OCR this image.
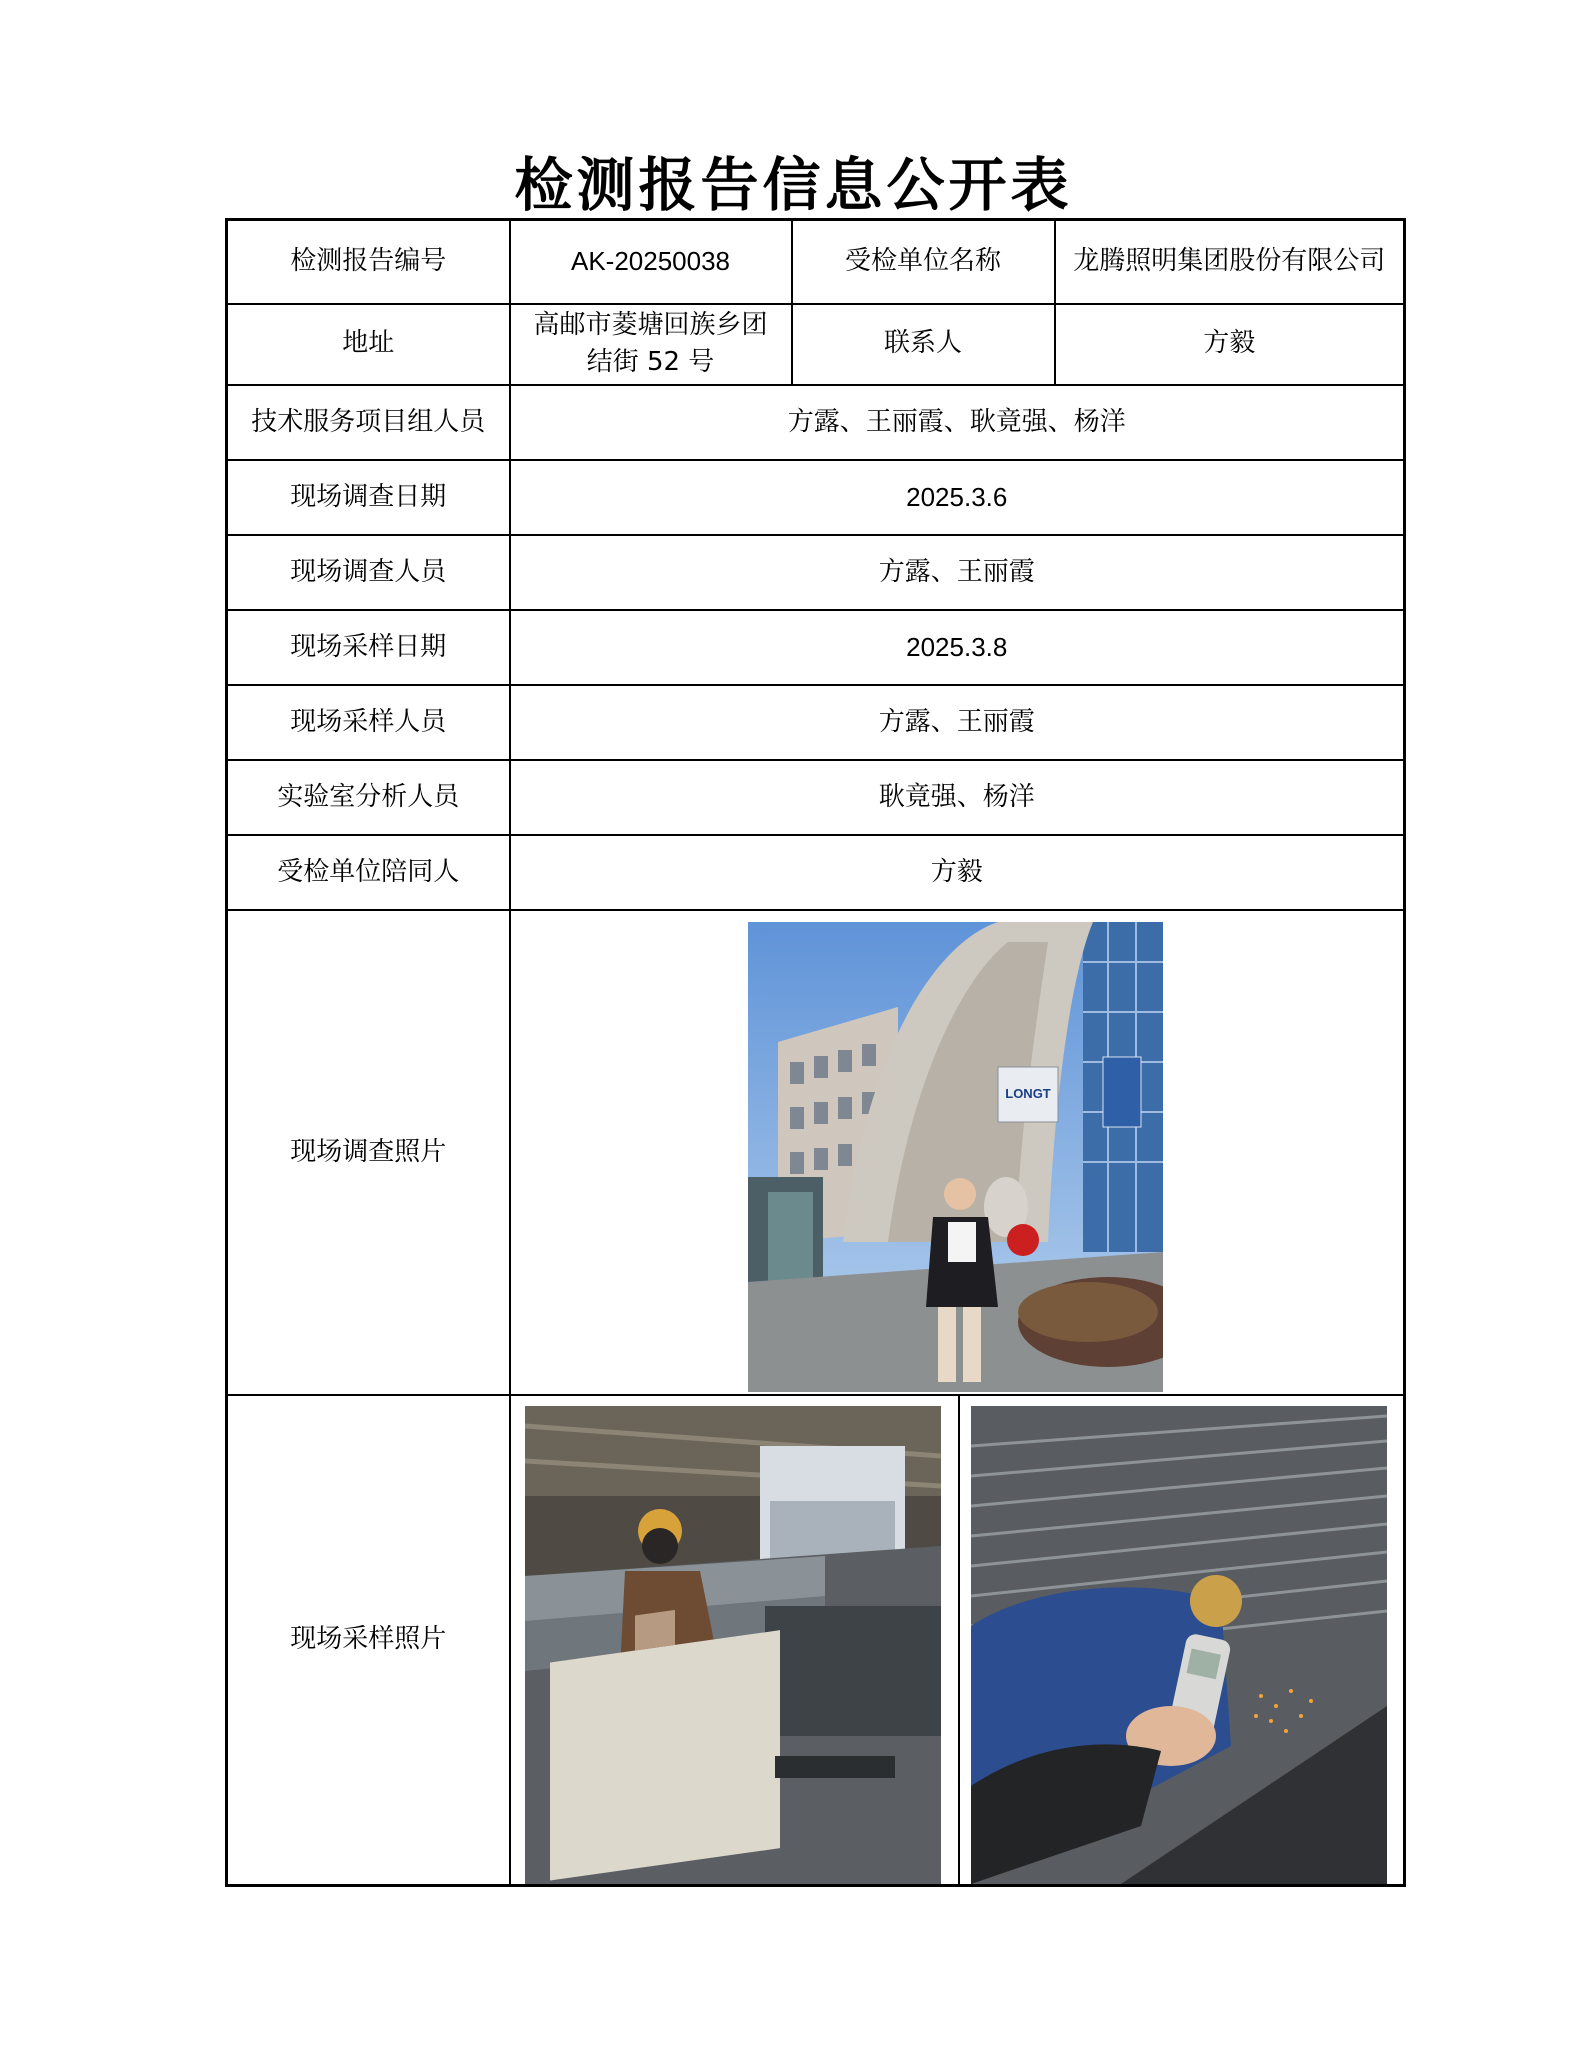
检测报告信息公开表
检测报告编号	AK-20250038	受检单位名称	龙腾照明集团股份有限公司
地址	高邮市菱塘回族乡团结街 52 号	联系人	方毅
技术服务项目组人员	方露、王丽霞、耿竟强、杨洋		
现场调查日期	2025.3.6		
现场调查人员	方露、王丽霞		
现场采样日期	2025.3.8		
现场采样人员	方露、王丽霞		
实验室分析人员	耿竟强、杨洋		
受检单位陪同人	方毅		
现场调查照片	LONGT		

现场采样照片	
